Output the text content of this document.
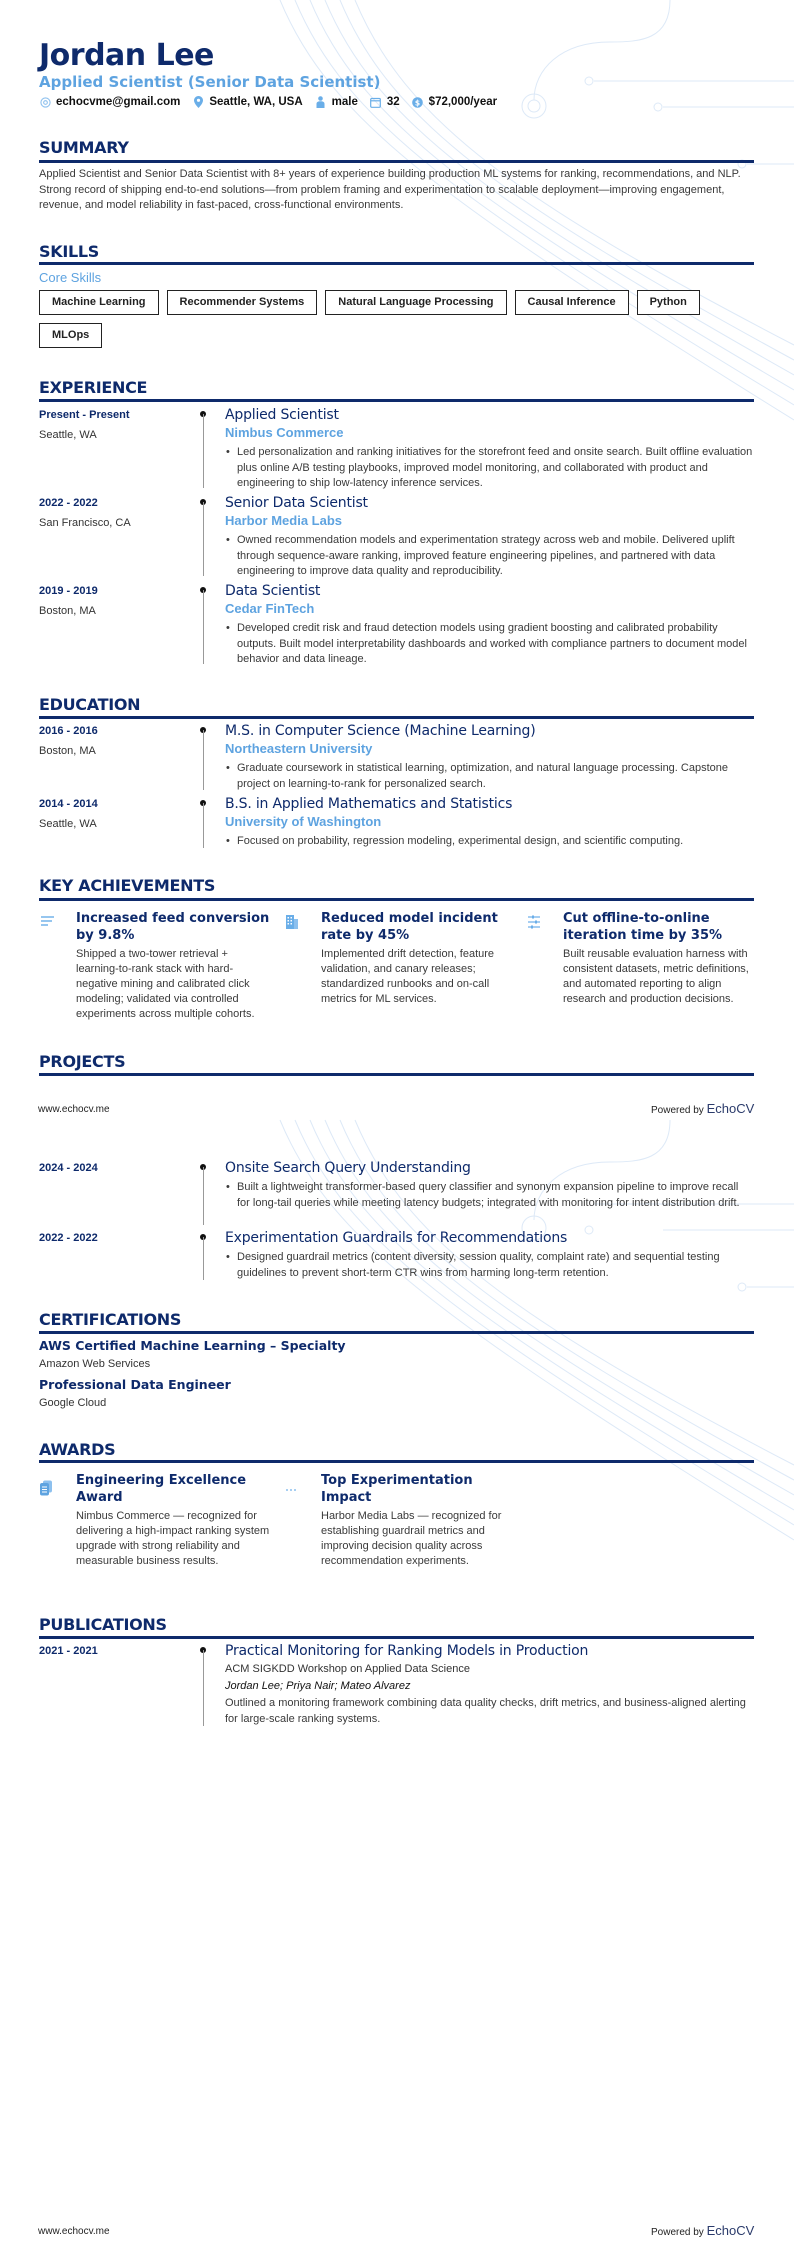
Jordan Lee
Applied Scientist (Senior Data Scientist)
echocvme@gmail.com	Seattle, WA, USA	male	32 $ $72,000/year
SUMMARY
Applied Scientist and Senior Data Scientist with 8+ years of experience building production ML systems for ranking, recommendations, and NLP. Strong record of shipping end-to-end solutions—from problem framing and experimentation to scalable deployment—improving engagement, revenue, and model reliability in fast-paced, cross-functional environments.
SKILLS
Core Skills
Machine Learning	Recommender Systems	Natural Language Processing	Causal Inference	Python
MLOps
EXPERIENCE
Present - Present
Seattle, WA
Applied Scientist
Nimbus Commerce
• Led personalization and ranking initiatives for the storefront feed and onsite search. Built offline evaluation plus online A/B testing playbooks, improved model monitoring, and collaborated with product and engineering to ship low-latency inference services.
2022 - 2022
San Francisco, CA
Senior Data Scientist
Harbor Media Labs
• Owned recommendation models and experimentation strategy across web and mobile. Delivered uplift through sequence-aware ranking, improved feature engineering pipelines, and partnered with data engineering to improve data quality and reproducibility.
2019 - 2019
Boston, MA
Data Scientist
Cedar FinTech
• Developed credit risk and fraud detection models using gradient boosting and calibrated probability outputs. Built model interpretability dashboards and worked with compliance partners to document model behavior and data lineage.
EDUCATION
2016 - 2016
Boston, MA
M.S. in Computer Science (Machine Learning)
Northeastern University
• Graduate coursework in statistical learning, optimization, and natural language processing. Capstone project on learning-to-rank for personalized search.
2014 - 2014
Seattle, WA
B.S. in Applied Mathematics and Statistics
University of Washington
• Focused on probability, regression modeling, experimental design, and scientific computing.
KEY ACHIEVEMENTS
Increased feed conversion by 9.8%
Shipped a two-tower retrieval + learning-to-rank stack with hard-negative mining and calibrated click modeling; validated via controlled experiments across multiple cohorts.
Reduced model incident rate by 45%
Implemented drift detection, feature validation, and canary releases; standardized runbooks and on-call metrics for ML services.
Cut offline-to-online iteration time by 35%
Built reusable evaluation harness with consistent datasets, metric definitions, and automated reporting to align research and production decisions.
PROJECTS
www.echocv.me	Powered by EchoCV
2024 - 2024	Onsite Search Query Understanding
• Built a lightweight transformer-based query classifier and synonym expansion pipeline to improve recall for long-tail queries while meeting latency budgets; integrated with monitoring for intent distribution drift.
2022 - 2022	Experimentation Guardrails for Recommendations
• Designed guardrail metrics (content diversity, session quality, complaint rate) and sequential testing guidelines to prevent short-term CTR wins from harming long-term retention.
CERTIFICATIONS
AWS Certified Machine Learning – Specialty
Amazon Web Services
Professional Data Engineer
Google Cloud
AWARDS
Engineering Excellence Award
Nimbus Commerce — recognized for delivering a high-impact ranking system upgrade with strong reliability and measurable business results.
Top Experimentation Impact
Harbor Media Labs — recognized for establishing guardrail metrics and improving decision quality across recommendation experiments.
PUBLICATIONS
2021 - 2021	Practical Monitoring for Ranking Models in Production
ACM SIGKDD Workshop on Applied Data Science
Jordan Lee; Priya Nair; Mateo Alvarez
Outlined a monitoring framework combining data quality checks, drift metrics, and business-aligned alerting for large-scale ranking systems.
www.echocv.me	Powered by EchoCV
